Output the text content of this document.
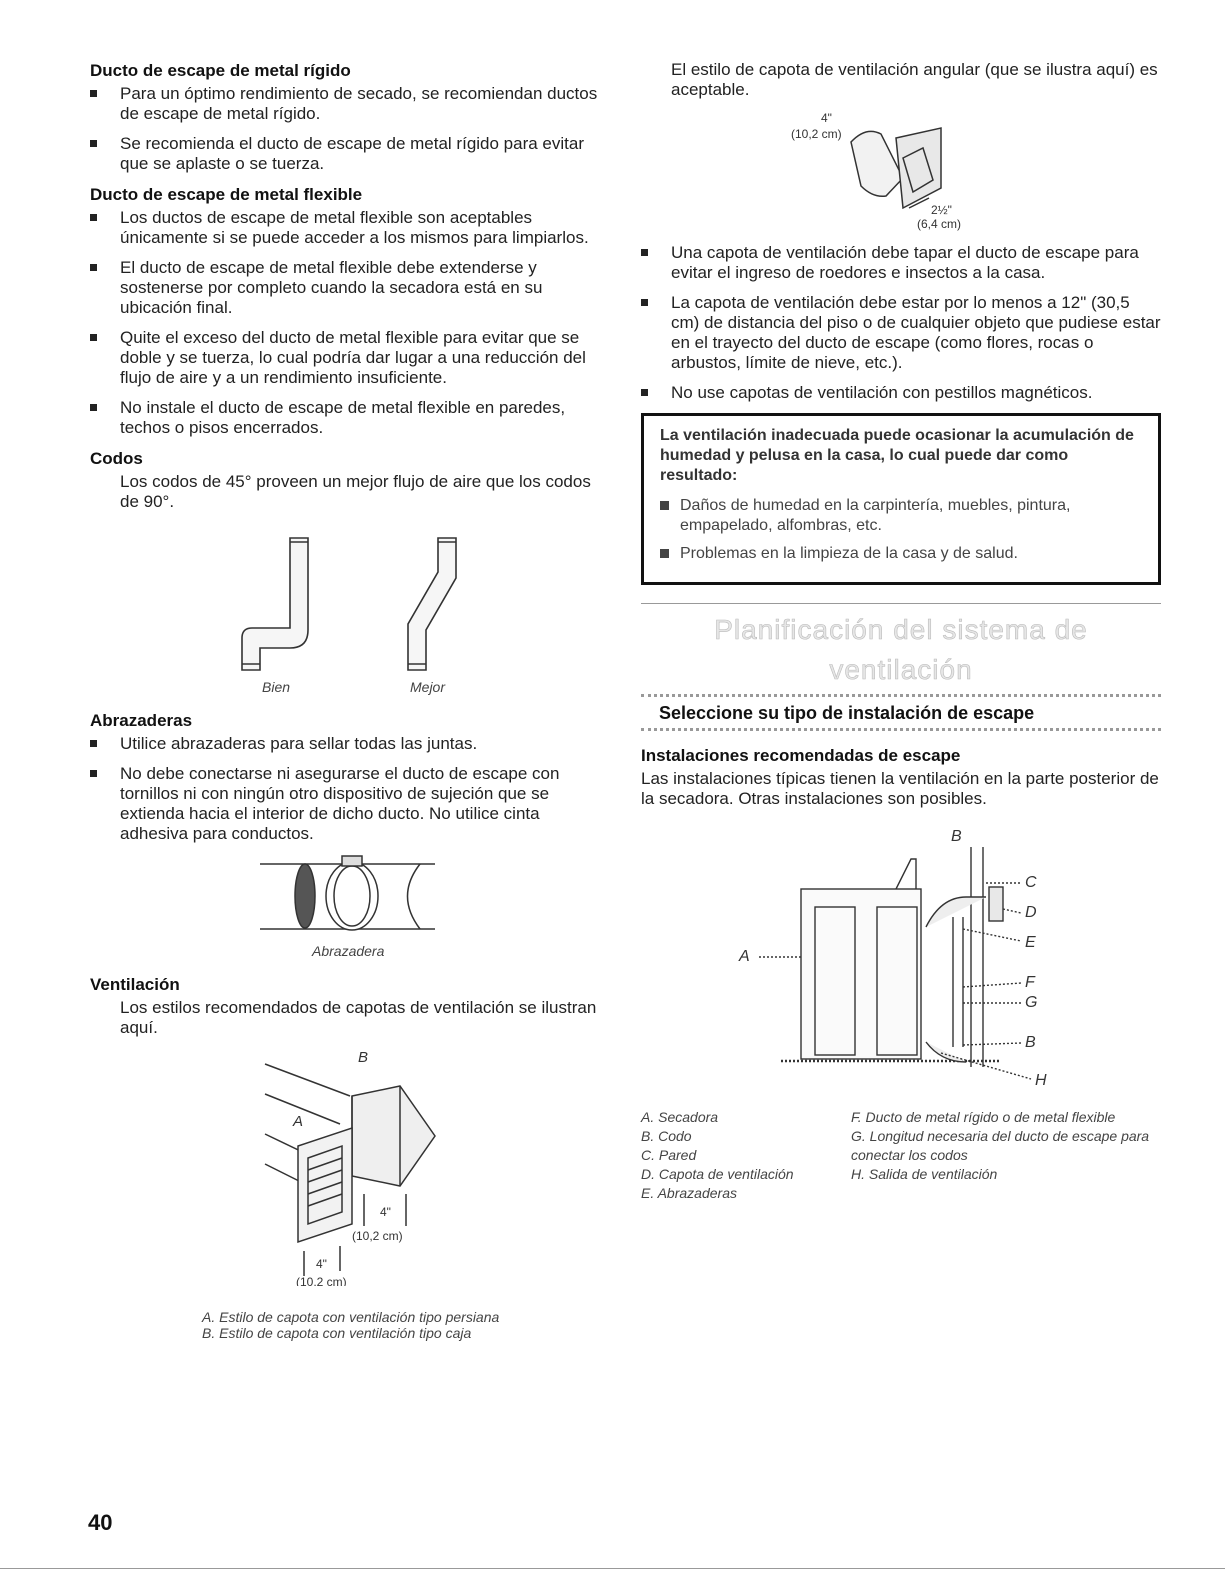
Ducto de escape de metal rígido
Para un óptimo rendimiento de secado, se recomiendan ductos de escape de metal rígido.
Se recomienda el ducto de escape de metal rígido para evitar que se aplaste o se tuerza.
Ducto de escape de metal flexible
Los ductos de escape de metal flexible son aceptables únicamente si se puede acceder a los mismos para limpiarlos.
El ducto de escape de metal flexible debe extenderse y sostenerse por completo cuando la secadora está en su ubicación final.
Quite el exceso del ducto de metal flexible para evitar que se doble y se tuerza, lo cual podría dar lugar a una reducción del flujo de aire y a un rendimiento insuficiente.
No instale el ducto de escape de metal flexible en paredes, techos o pisos encerrados.
Codos

Los codos de 45° proveen un mejor flujo de aire que los codos de 90°.

Bien	Mejor
Abrazaderas
Utilice abrazaderas para sellar todas las juntas.
No debe conectarse ni asegurarse el ducto de escape con tornillos ni con ningún otro dispositivo de sujeción que se extienda hacia el interior de dicho ducto. No utilice cinta adhesiva para conductos.
Abrazadera
Ventilación

Los estilos recomendados de capotas de ventilación se ilustran aquí.

B
A
4"
(10,2 cm)
4"
(10,2 cm)
A. Estilo de capota con ventilación tipo persiana
B. Estilo de capota con ventilación tipo caja

El estilo de capota de ventilación angular (que se ilustra aquí) es aceptable.

4"
(10,2 cm)
2½"
(6,4 cm)
Una capota de ventilación debe tapar el ducto de escape para evitar el ingreso de roedores e insectos a la casa.
La capota de ventilación debe estar por lo menos a 12" (30,5 cm) de distancia del piso o de cualquier objeto que pudiese estar en el trayecto del ducto de escape (como flores, rocas o arbustos, límite de nieve, etc.).
No use capotas de ventilación con pestillos magnéticos.
La ventilación inadecuada puede ocasionar la acumulación de humedad y pelusa en la casa, lo cual puede dar como resultado:
Daños de humedad en la carpintería, muebles, pintura, empapelado, alfombras, etc.
Problemas en la limpieza de la casa y de salud.
Planificación del sistema de ventilación
Seleccione su tipo de instalación de escape
Instalaciones recomendadas de escape

Las instalaciones típicas tienen la ventilación en la parte posterior de la secadora. Otras instalaciones son posibles.

A
B
C
D
E
F
G
B
H
A. Secadora
B. Codo
C. Pared
D. Capota de ventilación
E. Abrazaderas
F. Ducto de metal rígido o de metal flexible
G. Longitud necesaria del ducto de escape para conectar los codos
H. Salida de ventilación
40
